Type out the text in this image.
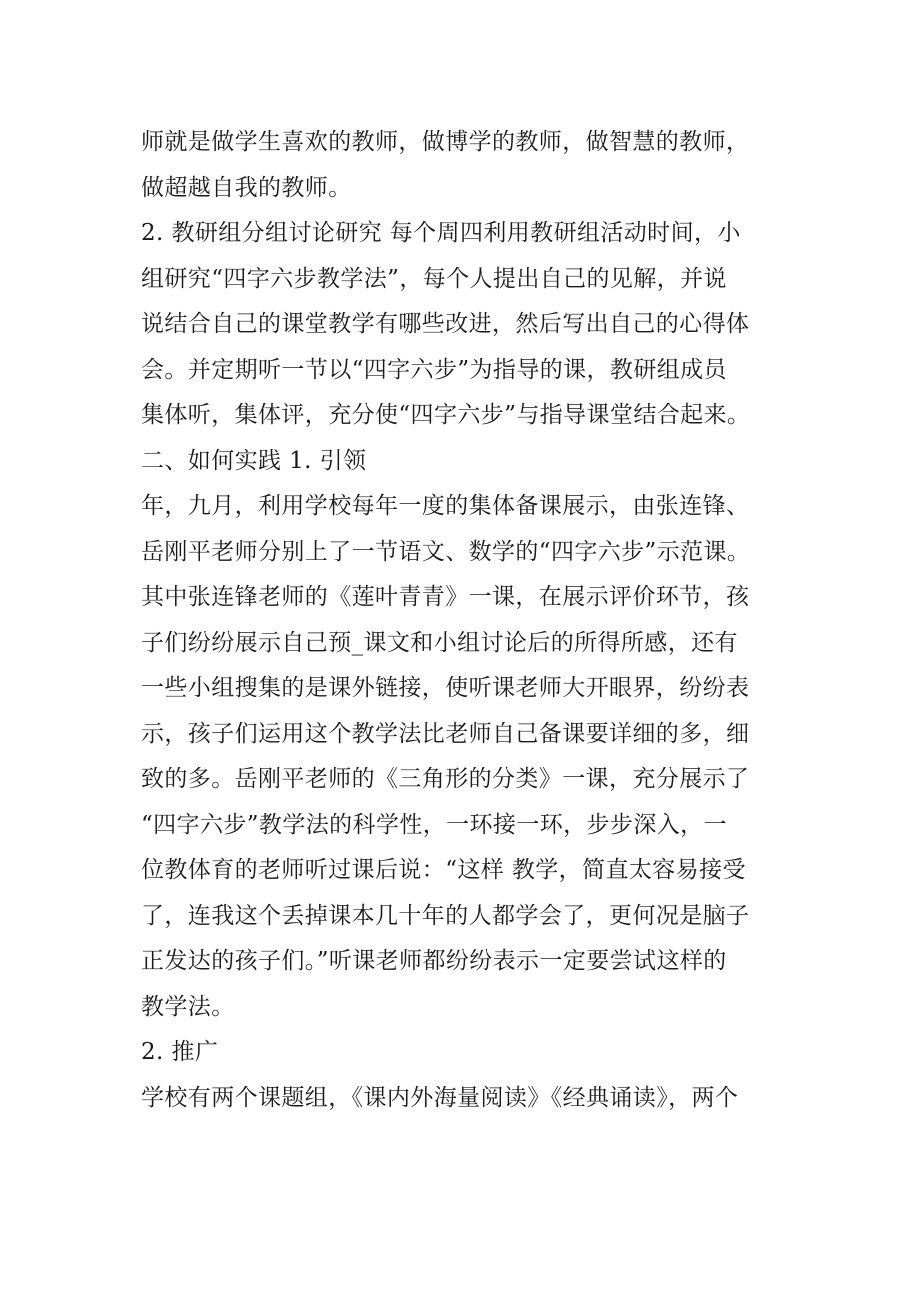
师就是做学生喜欢的教师，做博学的教师，做智慧的教师，
做超越自我的教师。
2. 教研组分组讨论研究 每个周四利用教研组活动时间，小
组研究“四字六步教学法”，每个人提出自己的见解，并说
说结合自己的课堂教学有哪些改进，然后写出自己的心得体
会。并定期听一节以“四字六步”为指导的课，教研组成员
集体听，集体评，充分使“四字六步”与指导课堂结合起来。
二、如何实践 1. 引领
年，九月，利用学校每年一度的集体备课展示，由张连锋、
岳刚平老师分别上了一节语文、数学的“四字六步”示范课。
其中张连锋老师的《莲叶青青》一课，在展示评价环节，孩
子们纷纷展示自己预_课文和小组讨论后的所得所感，还有
一些小组搜集的是课外链接，使听课老师大开眼界，纷纷表
示，孩子们运用这个教学法比老师自己备课要详细的多，细
致的多。岳刚平老师的《三角形的分类》一课，充分展示了
“四字六步”教学法的科学性，一环接一环，步步深入，一
位教体育的老师听过课后说：“这样 教学，简直太容易接受
了，连我这个丢掉课本几十年的人都学会了，更何况是脑子
正发达的孩子们。”听课老师都纷纷表示一定要尝试这样的
教学法。
2. 推广
学校有两个课题组，《课内外海量阅读》《经典诵读》，两个
